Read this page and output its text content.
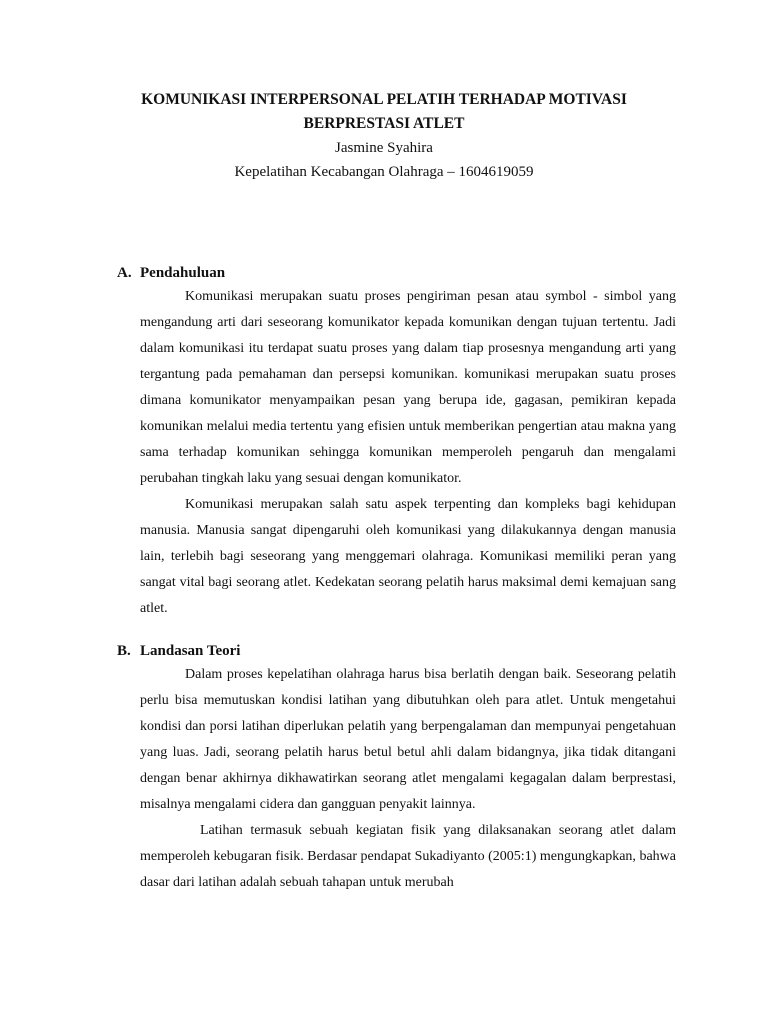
KOMUNIKASI INTERPERSONAL PELATIH TERHADAP MOTIVASI

BERPRESTASI ATLET

Jasmine Syahira

Kepelatihan Kecabangan Olahraga – 1604619059

A. Pendahuluan

Komunikasi merupakan suatu proses pengiriman pesan atau symbol - simbol yang mengandung arti dari seseorang komunikator kepada komunikan dengan tujuan tertentu. Jadi dalam komunikasi itu terdapat suatu proses yang dalam tiap prosesnya mengandung arti yang tergantung pada pemahaman dan persepsi komunikan. komunikasi merupakan suatu proses dimana komunikator menyampaikan pesan yang berupa ide, gagasan, pemikiran kepada komunikan melalui media tertentu yang efisien untuk memberikan pengertian atau makna yang sama terhadap komunikan sehingga komunikan memperoleh pengaruh dan mengalami perubahan tingkah laku yang sesuai dengan komunikator.

Komunikasi merupakan salah satu aspek terpenting dan kompleks bagi kehidupan manusia. Manusia sangat dipengaruhi oleh komunikasi yang dilakukannya dengan manusia lain, terlebih bagi seseorang yang menggemari olahraga. Komunikasi memiliki peran yang sangat vital bagi seorang atlet. Kedekatan seorang pelatih harus maksimal demi kemajuan sang atlet.

B. Landasan Teori

Dalam proses kepelatihan olahraga harus bisa berlatih dengan baik. Seseorang pelatih perlu bisa memutuskan kondisi latihan yang dibutuhkan oleh para atlet. Untuk mengetahui kondisi dan porsi latihan diperlukan pelatih yang berpengalaman dan mempunyai pengetahuan yang luas. Jadi, seorang pelatih harus betul betul ahli dalam bidangnya, jika tidak ditangani dengan benar akhirnya dikhawatirkan seorang atlet mengalami kegagalan dalam berprestasi, misalnya mengalami cidera dan gangguan penyakit lainnya.

Latihan termasuk sebuah kegiatan fisik yang dilaksanakan seorang atlet dalam memperoleh kebugaran fisik. Berdasar pendapat Sukadiyanto (2005:1) mengungkapkan, bahwa dasar dari latihan adalah sebuah tahapan untuk merubah
